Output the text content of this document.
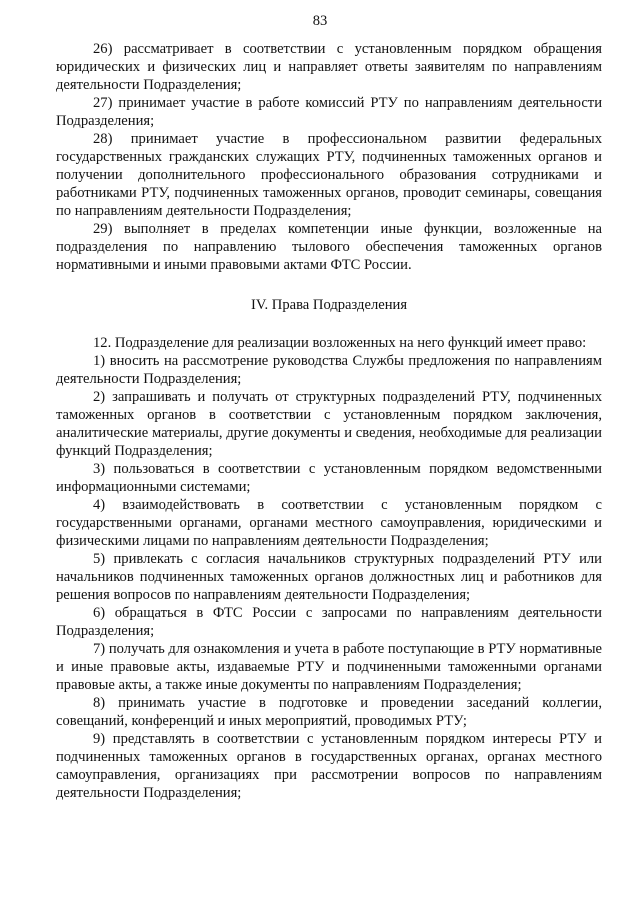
83

26) рассматривает в соответствии с установленным порядком обращения юридических и физических лиц и направляет ответы заявителям по направлениям деятельности Подразделения;

27) принимает участие в работе комиссий РТУ по направлениям деятельности Подразделения;

28) принимает участие в профессиональном развитии федеральных государственных гражданских служащих РТУ, подчиненных таможенных органов и получении дополнительного профессионального образования сотрудниками и работниками РТУ, подчиненных таможенных органов, проводит семинары, совещания по направлениям деятельности Подразделения;

29) выполняет в пределах компетенции иные функции, возложенные на подразделения по направлению тылового обеспечения таможенных органов нормативными и иными правовыми актами ФТС России.

IV. Права Подразделения

12. Подразделение для реализации возложенных на него функций имеет право:

1) вносить на рассмотрение руководства Службы предложения по направлениям деятельности Подразделения;

2) запрашивать и получать от структурных подразделений РТУ, подчиненных таможенных органов в соответствии с установленным порядком заключения, аналитические материалы, другие документы и сведения, необходимые для реализации функций Подразделения;

3) пользоваться в соответствии с установленным порядком ведомственными информационными системами;

4) взаимодействовать в соответствии с установленным порядком с государственными органами, органами местного самоуправления, юридическими и физическими лицами по направлениям деятельности Подразделения;

5) привлекать с согласия начальников структурных подразделений РТУ или начальников подчиненных таможенных органов должностных лиц и работников для решения вопросов по направлениям деятельности Подразделения;

6) обращаться в ФТС России с запросами по направлениям деятельности Подразделения;

7) получать для ознакомления и учета в работе поступающие в РТУ нормативные и иные правовые акты, издаваемые РТУ и подчиненными таможенными органами правовые акты, а также иные документы по направлениям Подразделения;

8) принимать участие в подготовке и проведении заседаний коллегии, совещаний, конференций и иных мероприятий, проводимых РТУ;

9) представлять в соответствии с установленным порядком интересы РТУ и подчиненных таможенных органов в государственных органах, органах местного самоуправления, организациях при рассмотрении вопросов по направлениям деятельности Подразделения;
